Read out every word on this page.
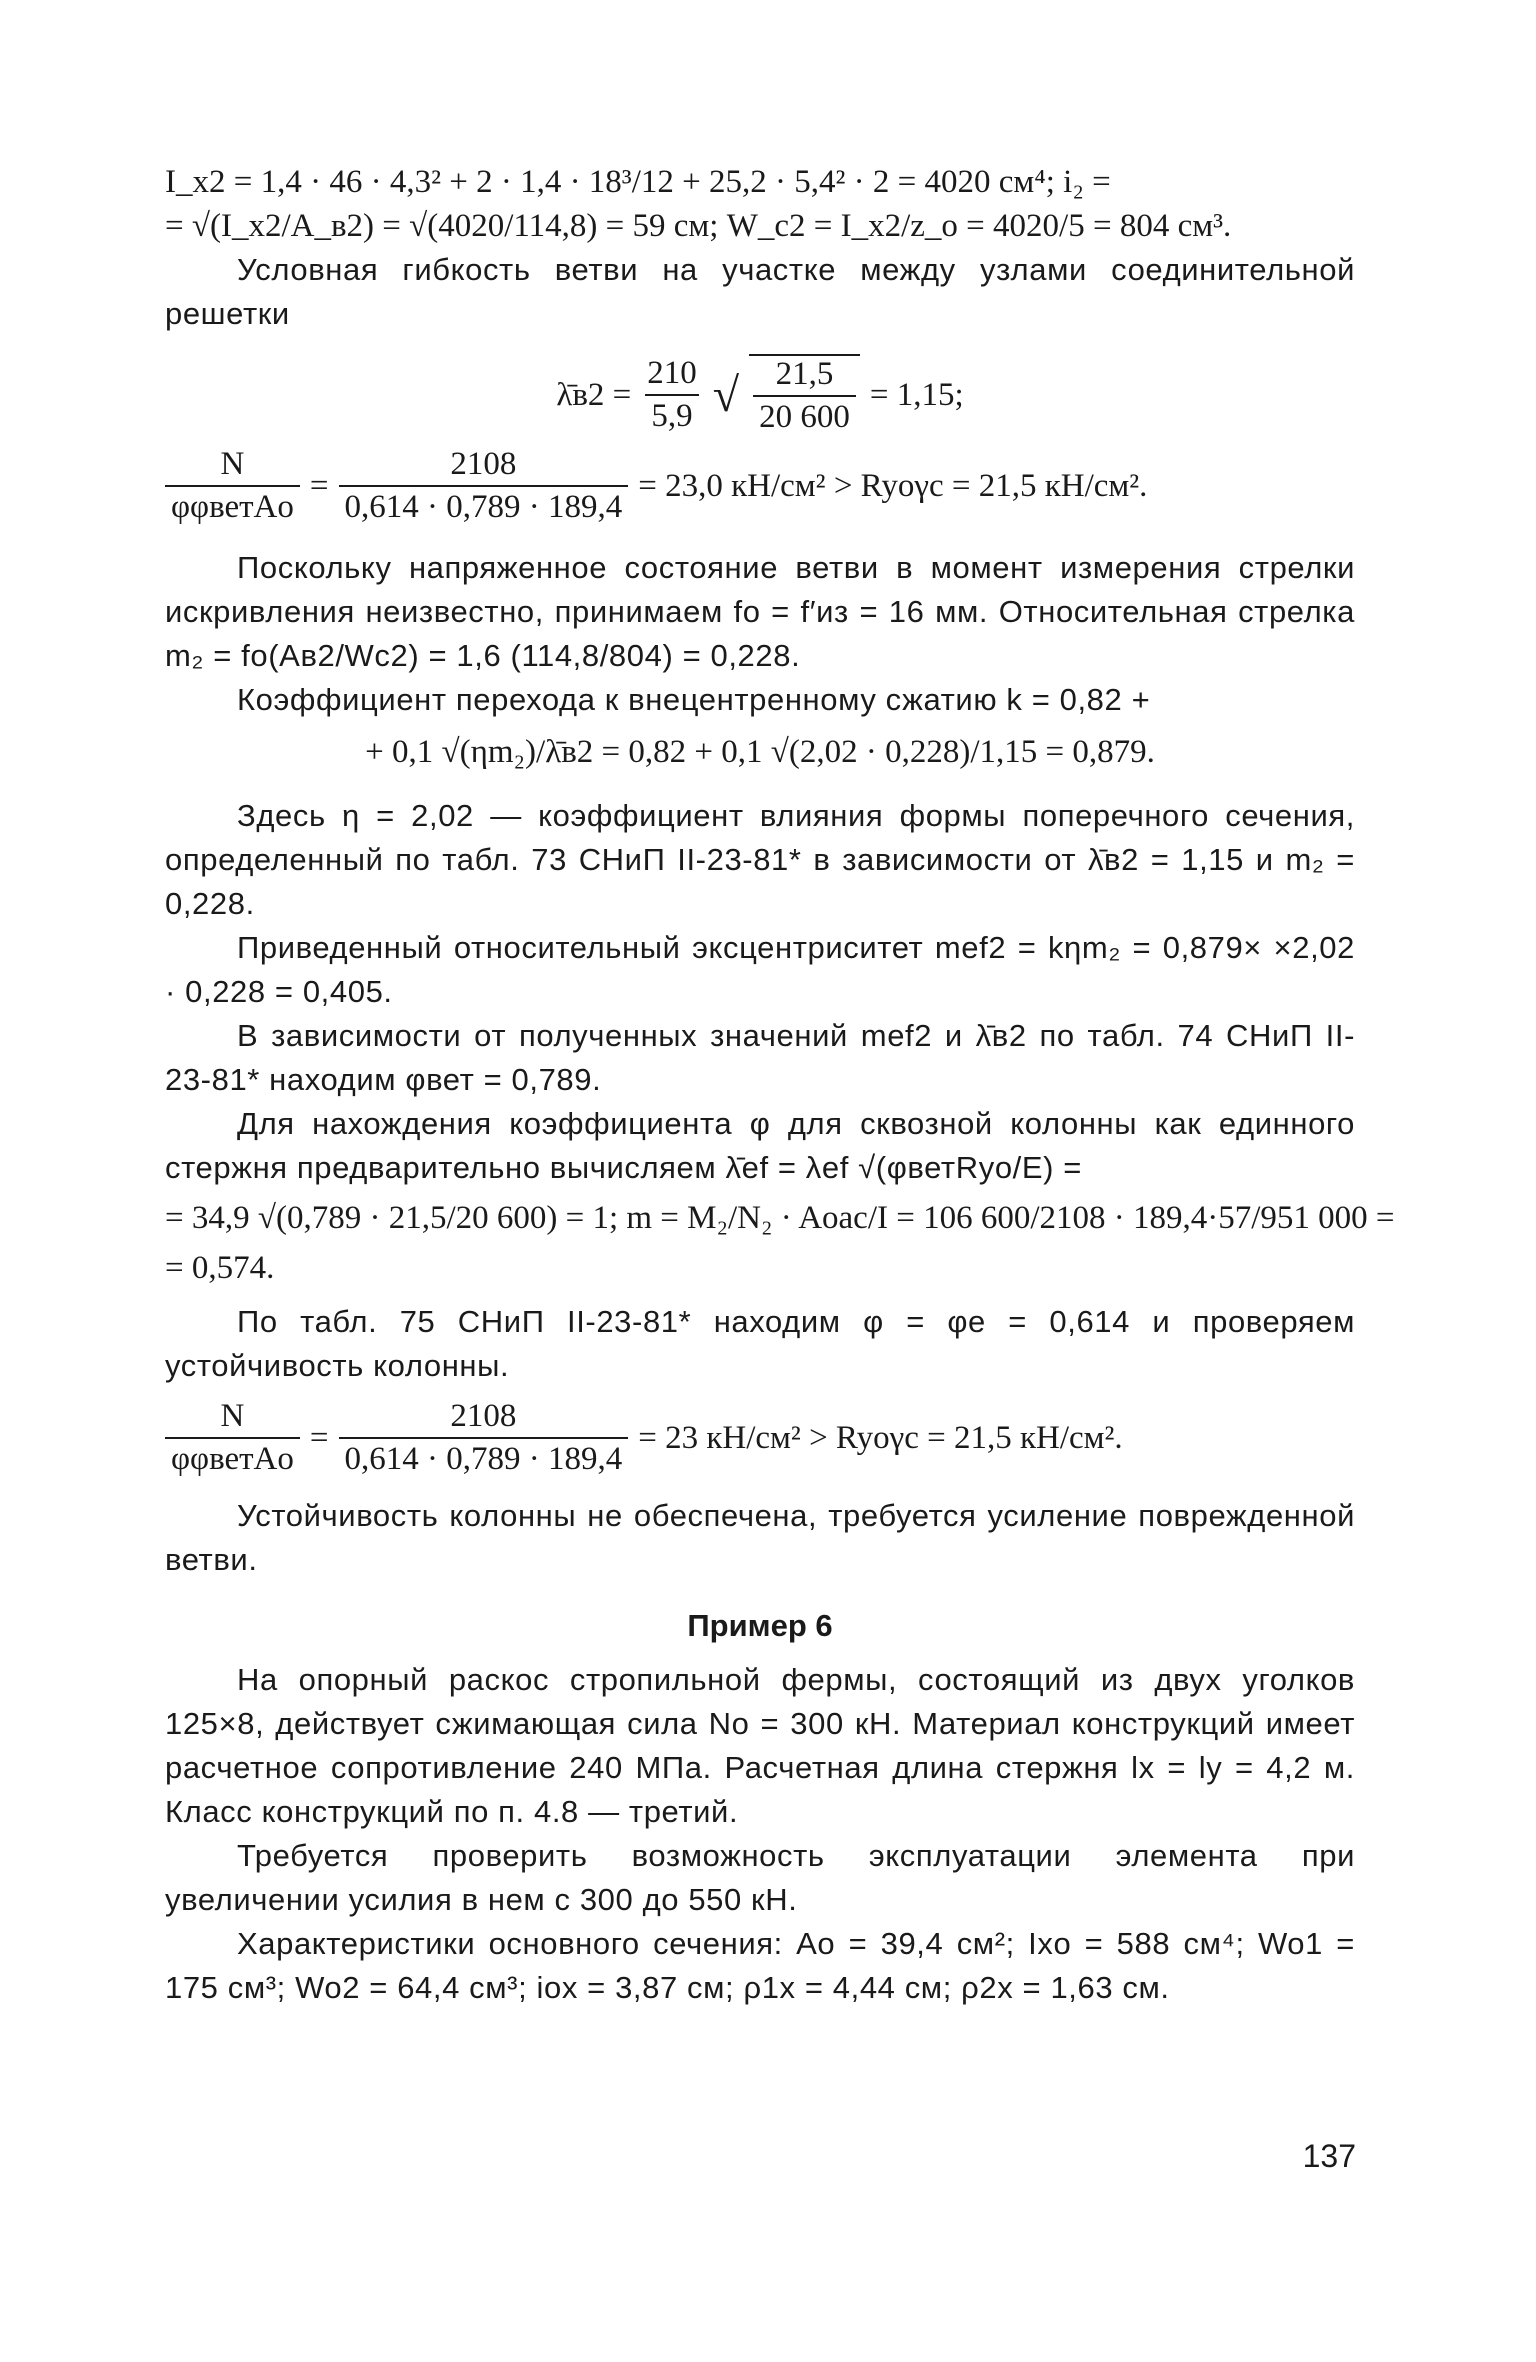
I_x2 = 1,4 · 46 · 4,3² + 2 · 1,4 · 18³/12 + 25,2 · 5,4² · 2 = 4020 см⁴; i₂ =
= √(I_x2/A_в2) = √(4020/114,8) = 59 см; W_c2 = I_x2/z_o = 4020/5 = 804 см³.

Условная гибкость ветви на участке между узлами соединительной решетки

λ̄в2 = $\frac{210}{5,9}$ √ $\frac{21,5}{20 600} = 1,15$;
$\frac{N}{\text{φφветAo}} = \frac{2108}{0,614 \cdot 0,789 \cdot 189,4} = 23,0$ кН/см² > Ryoγc = 21,5 кН/см².

Поскольку напряженное состояние ветви в момент измерения стрелки искривления неизвестно, принимаем fo = f′из = 16 мм. Относительная стрелка m₂ = fo(Aв2/Wc2) = 1,6 (114,8/804) = 0,228.

Коэффициент перехода к внецентренному сжатию k = 0,82 +

+ 0,1 √(ηm₂)/λ̄в2 = 0,82 + 0,1 √(2,02 · 0,228)/1,15 = 0,879.

Здесь η = 2,02 — коэффициент влияния формы поперечного сечения, определенный по табл. 73 СНиП II-23-81* в зависимости от λ̄в2 = 1,15 и m₂ = 0,228.

Приведенный относительный эксцентриситет mef2 = kηm₂ = 0,879× ×2,02 · 0,228 = 0,405.

В зависимости от полученных значений mef2 и λ̄в2 по табл. 74 СНиП II-23-81* находим φвет = 0,789.

Для нахождения коэффициента φ для сквозной колонны как единного стержня предварительно вычисляем λ̄ef = λef √(φветRyo/E) =

= 34,9 √(0,789 · 21,5/20 600) = 1; m = M₂/N₂ · Aoac/I = 106 600/2108 · 189,4·57/951 000 =
= 0,574.

По табл. 75 СНиП II-23-81* находим φ = φe = 0,614 и проверяем устойчивость колонны.

$\frac{N}{\text{φφветAo}} = \frac{2108}{0,614 \cdot 0,789 \cdot 189,4} = 23$ кН/см² > Ryoγc = 21,5 кН/см².

Устойчивость колонны не обеспечена, требуется усиление поврежденной ветви.

Пример 6

На опорный раскос стропильной фермы, состоящий из двух уголков 125×8, действует сжимающая сила No = 300 кН. Материал конструкций имеет расчетное сопротивление 240 МПа. Расчетная длина стержня lx = ly = 4,2 м. Класс конструкций по п. 4.8 — третий.

Требуется проверить возможность эксплуатации элемента при увеличении усилия в нем с 300 до 550 кН.

Характеристики основного сечения: Ao = 39,4 см²; Ixo = 588 см⁴; Wo1 = 175 см³; Wo2 = 64,4 см³; iox = 3,87 см; ρ1x = 4,44 см; ρ2x = 1,63 см.

137
